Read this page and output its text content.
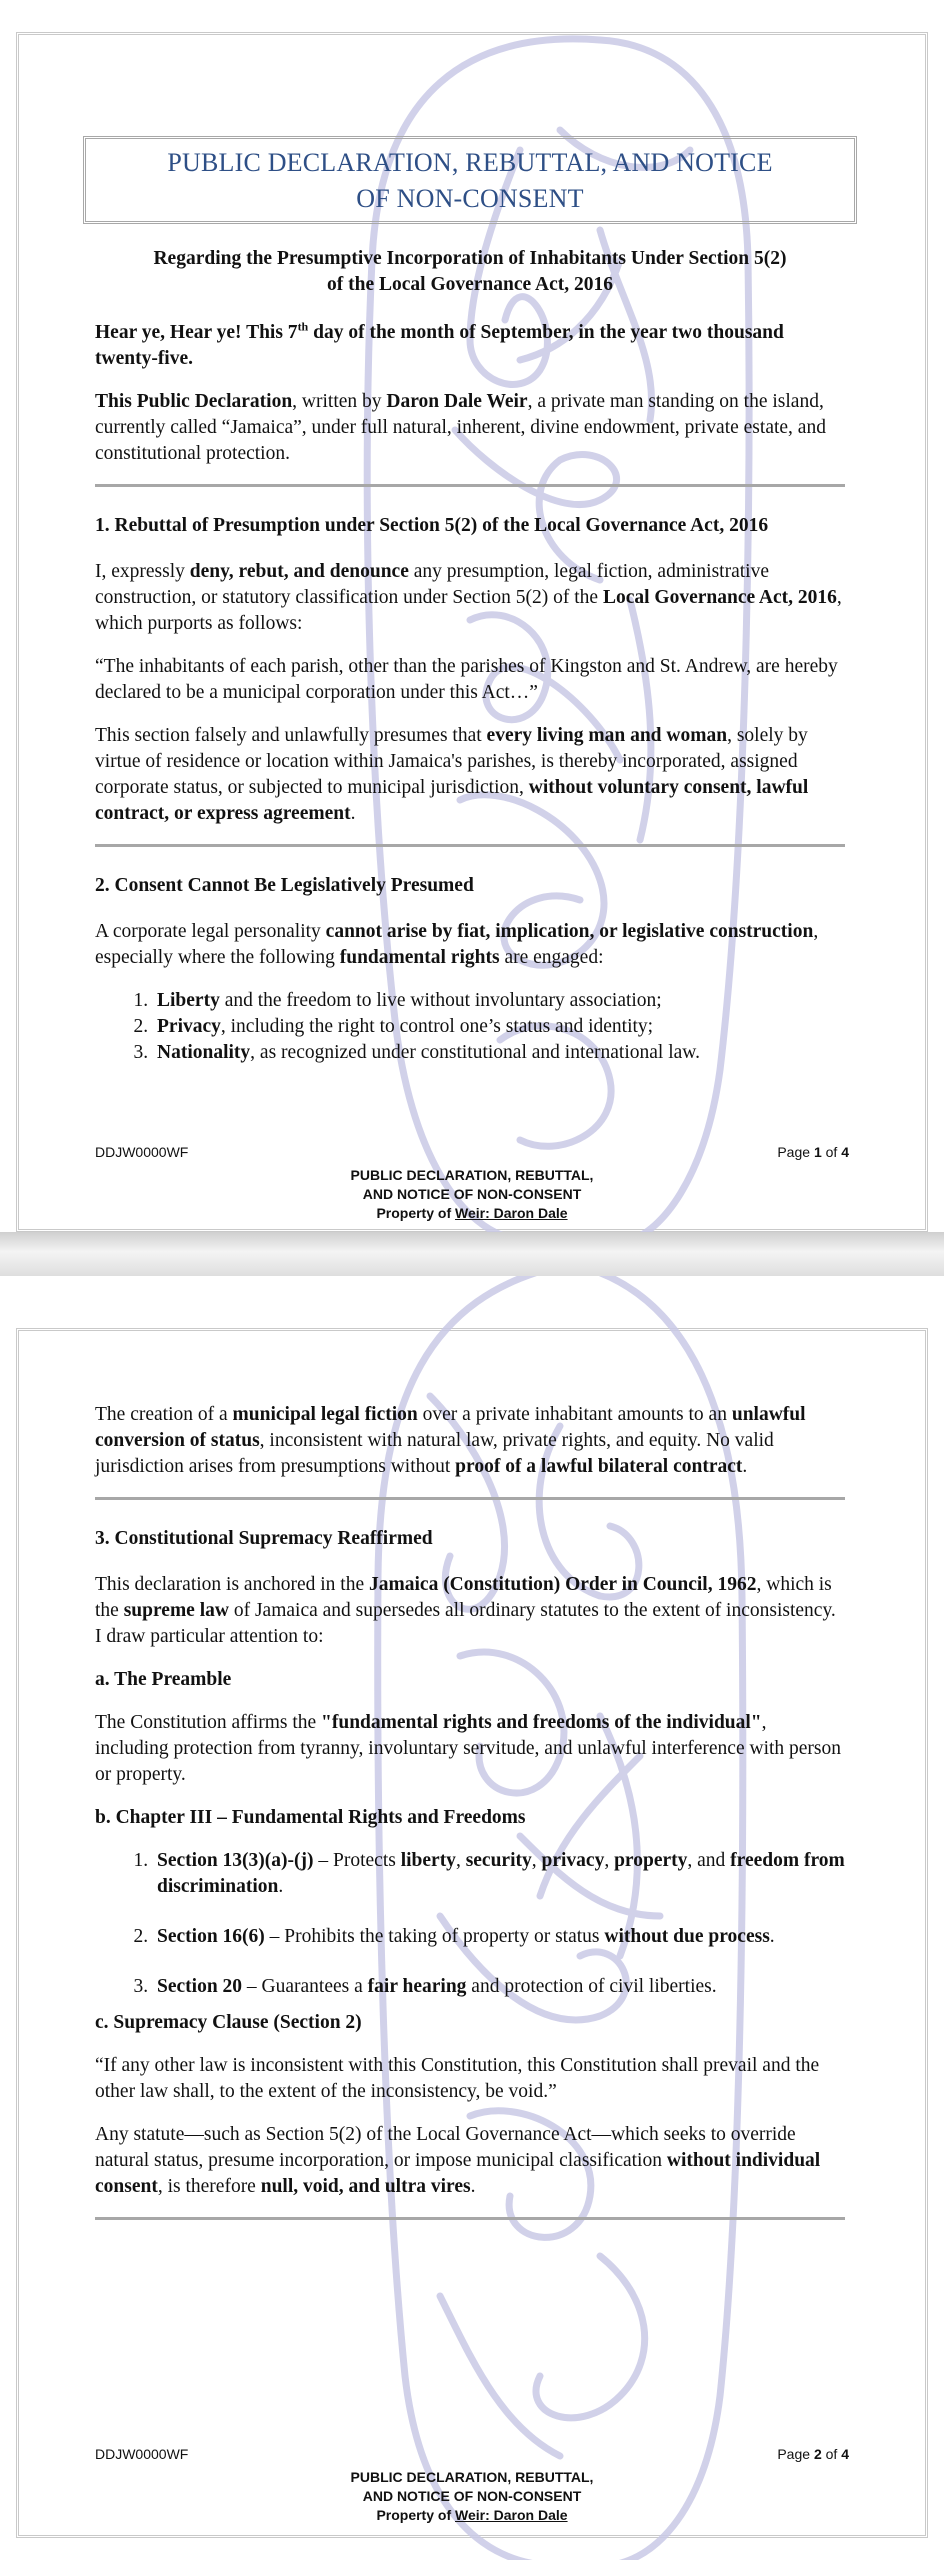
DDJW0000WF	Page 1 of 4
PUBLIC DECLARATION, REBUTTAL,
AND NOTICE OF NON-CONSENT
Property of Weir: Daron Dale
DDJW0000WF	Page 2 of 4
PUBLIC DECLARATION, REBUTTAL,
AND NOTICE OF NON-CONSENT
Property of Weir: Daron Dale
PUBLIC DECLARATION, REBUTTAL, AND NOTICE
OF NON-CONSENT
Regarding the Presumptive Incorporation of Inhabitants Under Section 5(2)
of the Local Governance Act, 2016

Hear ye, Hear ye! This 7th day of the month of September, in the year two thousand twenty-five.

This Public Declaration, written by Daron Dale Weir, a private man standing on the island, currently called “Jamaica”, under full natural, inherent, divine endowment, private estate, and constitutional protection.

1. Rebuttal of Presumption under Section 5(2) of the Local Governance Act, 2016

I, expressly deny, rebut, and denounce any presumption, legal fiction, administrative construction, or statutory classification under Section 5(2) of the Local Governance Act, 2016, which purports as follows:

“The inhabitants of each parish, other than the parishes of Kingston and St. Andrew, are hereby declared to be a municipal corporation under this Act…”

This section falsely and unlawfully presumes that every living man and woman, solely by virtue of residence or location within Jamaica's parishes, is thereby incorporated, assigned corporate status, or subjected to municipal jurisdiction, without voluntary consent, lawful contract, or express agreement.

2. Consent Cannot Be Legislatively Presumed

A corporate legal personality cannot arise by fiat, implication, or legislative construction, especially where the following fundamental rights are engaged:

1. Liberty and the freedom to live without involuntary association;
2. Privacy, including the right to control one’s status and identity;
3. Nationality, as recognized under constitutional and international law.

The creation of a municipal legal fiction over a private inhabitant amounts to an unlawful conversion of status, inconsistent with natural law, private rights, and equity. No valid jurisdiction arises from presumptions without proof of a lawful bilateral contract.

3. Constitutional Supremacy Reaffirmed

This declaration is anchored in the Jamaica (Constitution) Order in Council, 1962, which is the supreme law of Jamaica and supersedes all ordinary statutes to the extent of inconsistency. I draw particular attention to:

a. The Preamble

The Constitution affirms the "fundamental rights and freedoms of the individual", including protection from tyranny, involuntary servitude, and unlawful interference with person or property.

b. Chapter III – Fundamental Rights and Freedoms
1. Section 13(3)(a)-(j) – Protects liberty, security, privacy, property, and freedom from discrimination.
2. Section 16(6) – Prohibits the taking of property or status without due process.
3. Section 20 – Guarantees a fair hearing and protection of civil liberties.
c. Supremacy Clause (Section 2)

“If any other law is inconsistent with this Constitution, this Constitution shall prevail and the other law shall, to the extent of the inconsistency, be void.”

Any statute—such as Section 5(2) of the Local Governance Act—which seeks to override natural status, presume incorporation, or impose municipal classification without individual consent, is therefore null, void, and ultra vires.
